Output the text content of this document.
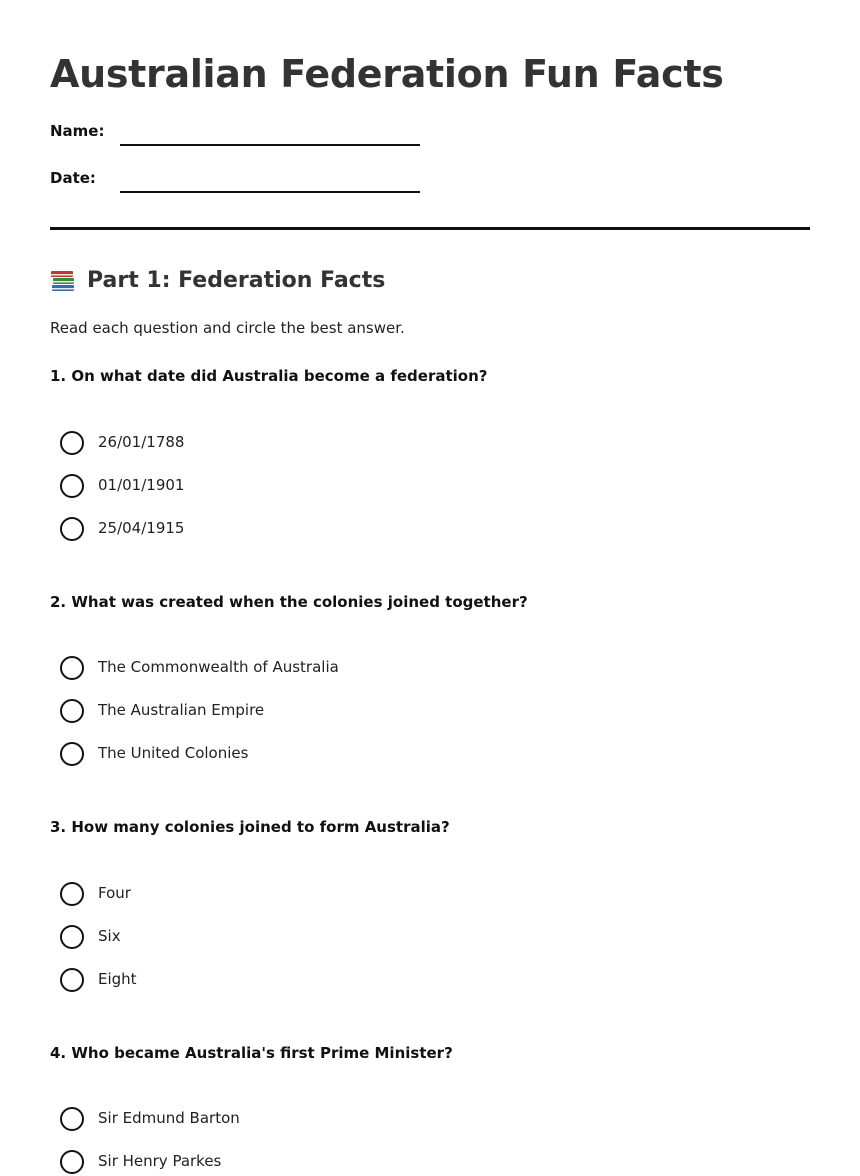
Australian Federation Fun Facts
Name:
Date:
Part 1: Federation Facts
Read each question and circle the best answer.
1. On what date did Australia become a federation?
26/01/1788
01/01/1901
25/04/1915
2. What was created when the colonies joined together?
The Commonwealth of Australia
The Australian Empire
The United Colonies
3. How many colonies joined to form Australia?
Four
Six
Eight
4. Who became Australia's first Prime Minister?
Sir Edmund Barton
Sir Henry Parkes
